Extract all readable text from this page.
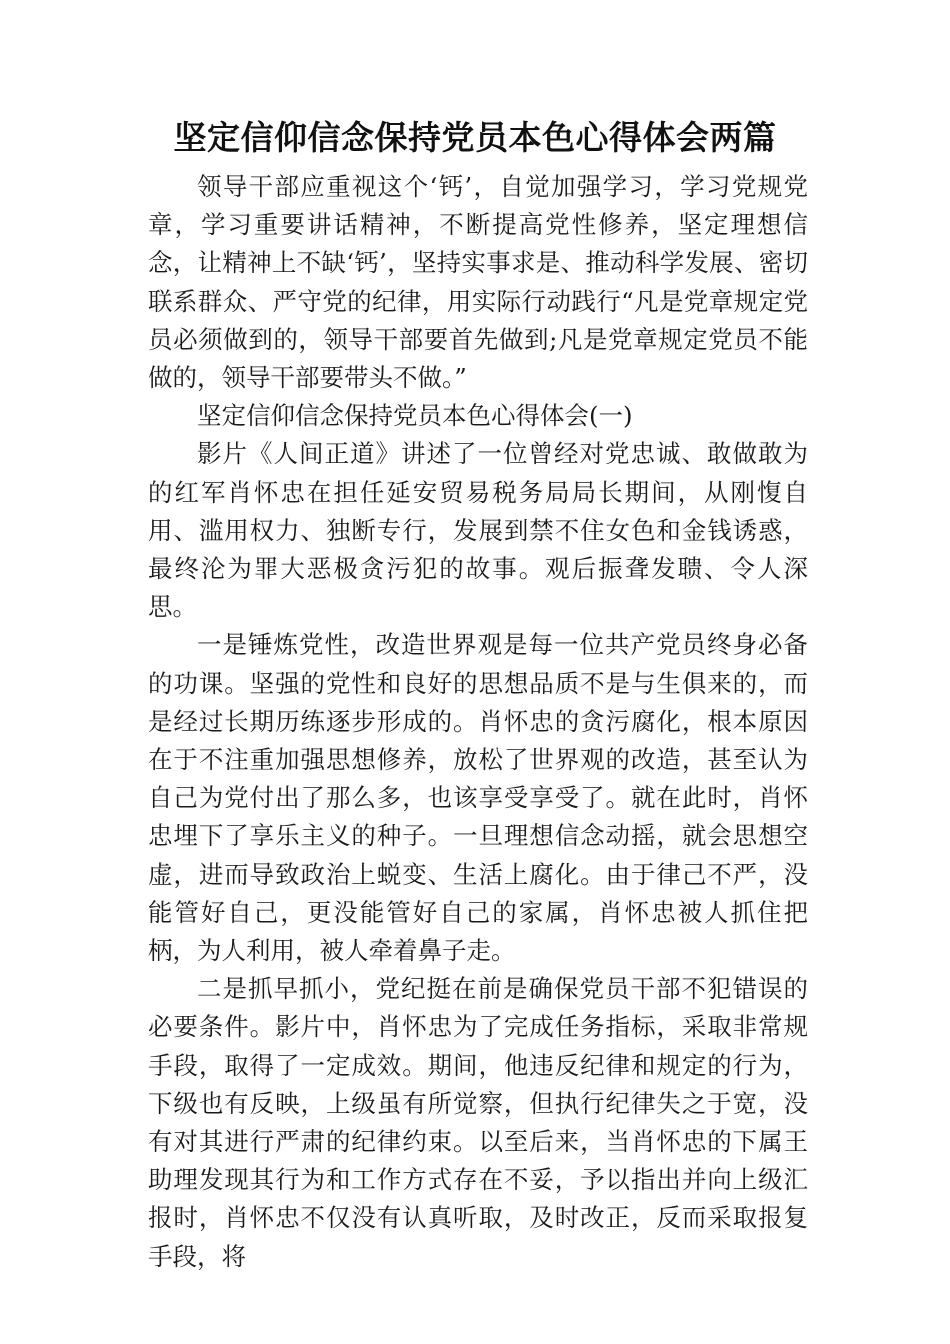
坚定信仰信念保持党员本色心得体会两篇

领导干部应重视这个‘钙’，自觉加强学习，学习党规党章，学习重要讲话精神，不断提高党性修养，坚定理想信念，让精神上不缺‘钙’，坚持实事求是、推动科学发展、密切联系群众、严守党的纪律，用实际行动践行“凡是党章规定党员必须做到的，领导干部要首先做到;凡是党章规定党员不能做的，领导干部要带头不做。”

坚定信仰信念保持党员本色心得体会(一)

影片《人间正道》讲述了一位曾经对党忠诚、敢做敢为的红军肖怀忠在担任延安贸易税务局局长期间，从刚愎自用、滥用权力、独断专行，发展到禁不住女色和金钱诱惑，最终沦为罪大恶极贪污犯的故事。观后振聋发聩、令人深思。

一是锤炼党性，改造世界观是每一位共产党员终身必备的功课。坚强的党性和良好的思想品质不是与生俱来的，而是经过长期历练逐步形成的。肖怀忠的贪污腐化，根本原因在于不注重加强思想修养，放松了世界观的改造，甚至认为自己为党付出了那么多，也该享受享受了。就在此时，肖怀忠埋下了享乐主义的种子。一旦理想信念动摇，就会思想空虚，进而导致政治上蜕变、生活上腐化。由于律己不严，没能管好自己，更没能管好自己的家属，肖怀忠被人抓住把柄，为人利用，被人牵着鼻子走。

二是抓早抓小，党纪挺在前是确保党员干部不犯错误的必要条件。影片中，肖怀忠为了完成任务指标，采取非常规手段，取得了一定成效。期间，他违反纪律和规定的行为，下级也有反映，上级虽有所觉察，但执行纪律失之于宽，没有对其进行严肃的纪律约束。以至后来，当肖怀忠的下属王助理发现其行为和工作方式存在不妥，予以指出并向上级汇报时，肖怀忠不仅没有认真听取，及时改正，反而采取报复手段，将
